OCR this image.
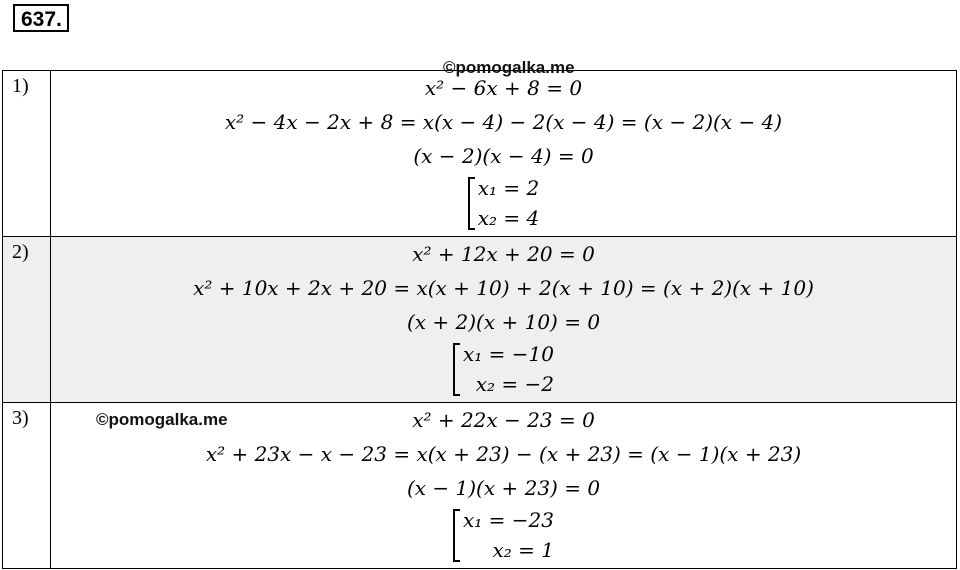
637.
©pomogalka.me
©pomogalka.me
1)	x² − 6x + 8 = 0
x² − 4x − 2x + 8 = x(x − 4) − 2(x − 4) = (x − 2)(x − 4)
(x − 2)(x − 4) = 0
x₁ = 2
x₂ = 4

2)	x² + 12x + 20 = 0
x² + 10x + 2x + 20 = x(x + 10) + 2(x + 10) = (x + 2)(x + 10)
(x + 2)(x + 10) = 0
x₁ = −10
x₂ = −2

3)	x² + 22x − 23 = 0
x² + 23x − x − 23 = x(x + 23) − (x + 23) = (x − 1)(x + 23)
(x − 1)(x + 23) = 0
x₁ = −23
x₂ = 1
